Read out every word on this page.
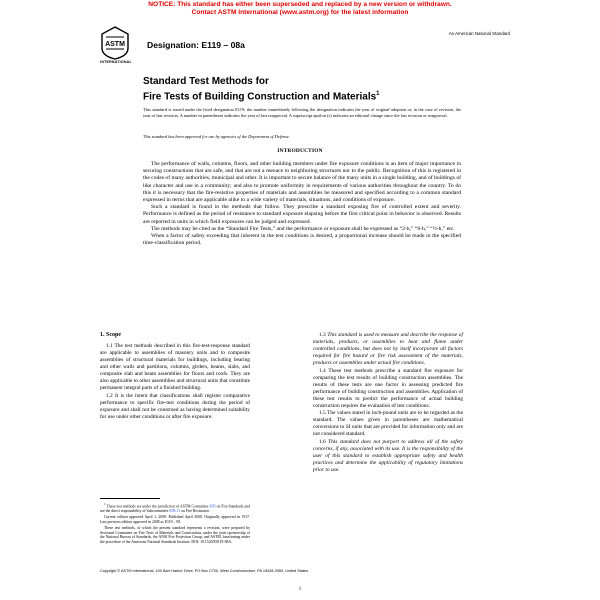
NOTICE: This standard has either been superseded and replaced by a new version or withdrawn.
Contact ASTM International (www.astm.org) for the latest information
ASTM
INTERNATIONAL
Designation: E119 – 08a
An American National Standard
Standard Test Methods for
Fire Tests of Building Construction and Materials$^1$
This standard is issued under the fixed designation E119; the number immediately following the designation indicates the year of original adoption or, in the case of revision, the year of last revision. A number in parentheses indicates the year of last reapproval. A superscript epsilon (ε) indicates an editorial change since the last revision or reapproval.
This standard has been approved for use by agencies of the Department of Defense.
INTRODUCTION

The performance of walls, columns, floors, and other building members under fire exposure conditions is an item of major importance in securing constructions that are safe, and that are not a menace to neighboring structures nor to the public. Recognition of this is registered in the codes of many authorities, municipal and other. It is important to secure balance of the many units in a single building, and of buildings of like character and use in a community; and also to promote uniformity in requirements of various authorities throughout the country. To do this it is necessary that the fire-resistive properties of materials and assemblies be measured and specified according to a common standard expressed in terms that are applicable alike to a wide variety of materials, situations, and conditions of exposure.

Such a standard is found in the methods that follow. They prescribe a standard exposing fire of controlled extent and severity. Performance is defined as the period of resistance to standard exposure elapsing before the first critical point in behavior is observed. Results are reported in units in which field exposures can be judged and expressed.

The methods may be cited as the “Standard Fire Tests,” and the performance or exposure shall be expressed as “2-h,” “6-h,” “½-h,” etc.

When a factor of safety exceeding that inherent in the test conditions is desired, a proportional increase should be made in the specified time-classification period.

1. Scope

1.1 The test methods described in this fire-test-response standard are applicable to assemblies of masonry units and to composite assemblies of structural materials for buildings, including bearing and other walls and partitions, columns, girders, beams, slabs, and composite slab and beam assemblies for floors and roofs. They are also applicable to other assemblies and structural units that constitute permanent integral parts of a finished building.

1.2 It is the intent that classifications shall register comparative performance to specific fire-test conditions during the period of exposure and shall not be construed as having determined suitability for use under other conditions or after fire exposure.

1.3 This standard is used to measure and describe the response of materials, products, or assemblies to heat and flame under controlled conditions, but does not by itself incorporate all factors required for fire hazard or fire risk assessment of the materials, products or assemblies under actual fire conditions.

1.4 These test methods prescribe a standard fire exposure for comparing the test results of building construction assemblies. The results of these tests are one factor in assessing predicted fire performance of building construction and assemblies. Application of these test results to predict the performance of actual building construction requires the evaluation of test conditions.

1.5 The values stated in inch-pound units are to be regarded as the standard. The values given in parentheses are mathematical conversions to SI units that are provided for information only and are not considered standard.

1.6 This standard does not purport to address all of the safety concerns, if any, associated with its use. It is the responsibility of the user of this standard to establish appropriate safety and health practices and determine the applicability of regulatory limitations prior to use.

$^1$ These test methods are under the jurisdiction of ASTM Committee E05 on Fire Standards and are the direct responsibility of Subcommittee E05.11 on Fire Resistance.

Current edition approved April 1, 2008. Published April 2008. Originally approved in 1917. Last previous edition approved in 2008 as E119 – 08.

These test methods, of which the present standard represents a revision, were prepared by Sectional Committee on Fire Tests of Materials and Construction, under the joint sponsorship of the National Bureau of Standards, the ANSI Fire Protection Group, and ASTM, functioning under the procedure of the American National Standards Institute. DOI: 10.1520/E0119-08A.

Copyright © ASTM International, 100 Barr Harbor Drive, PO Box C700, West Conshohocken, PA 19428-2959, United States.
1
